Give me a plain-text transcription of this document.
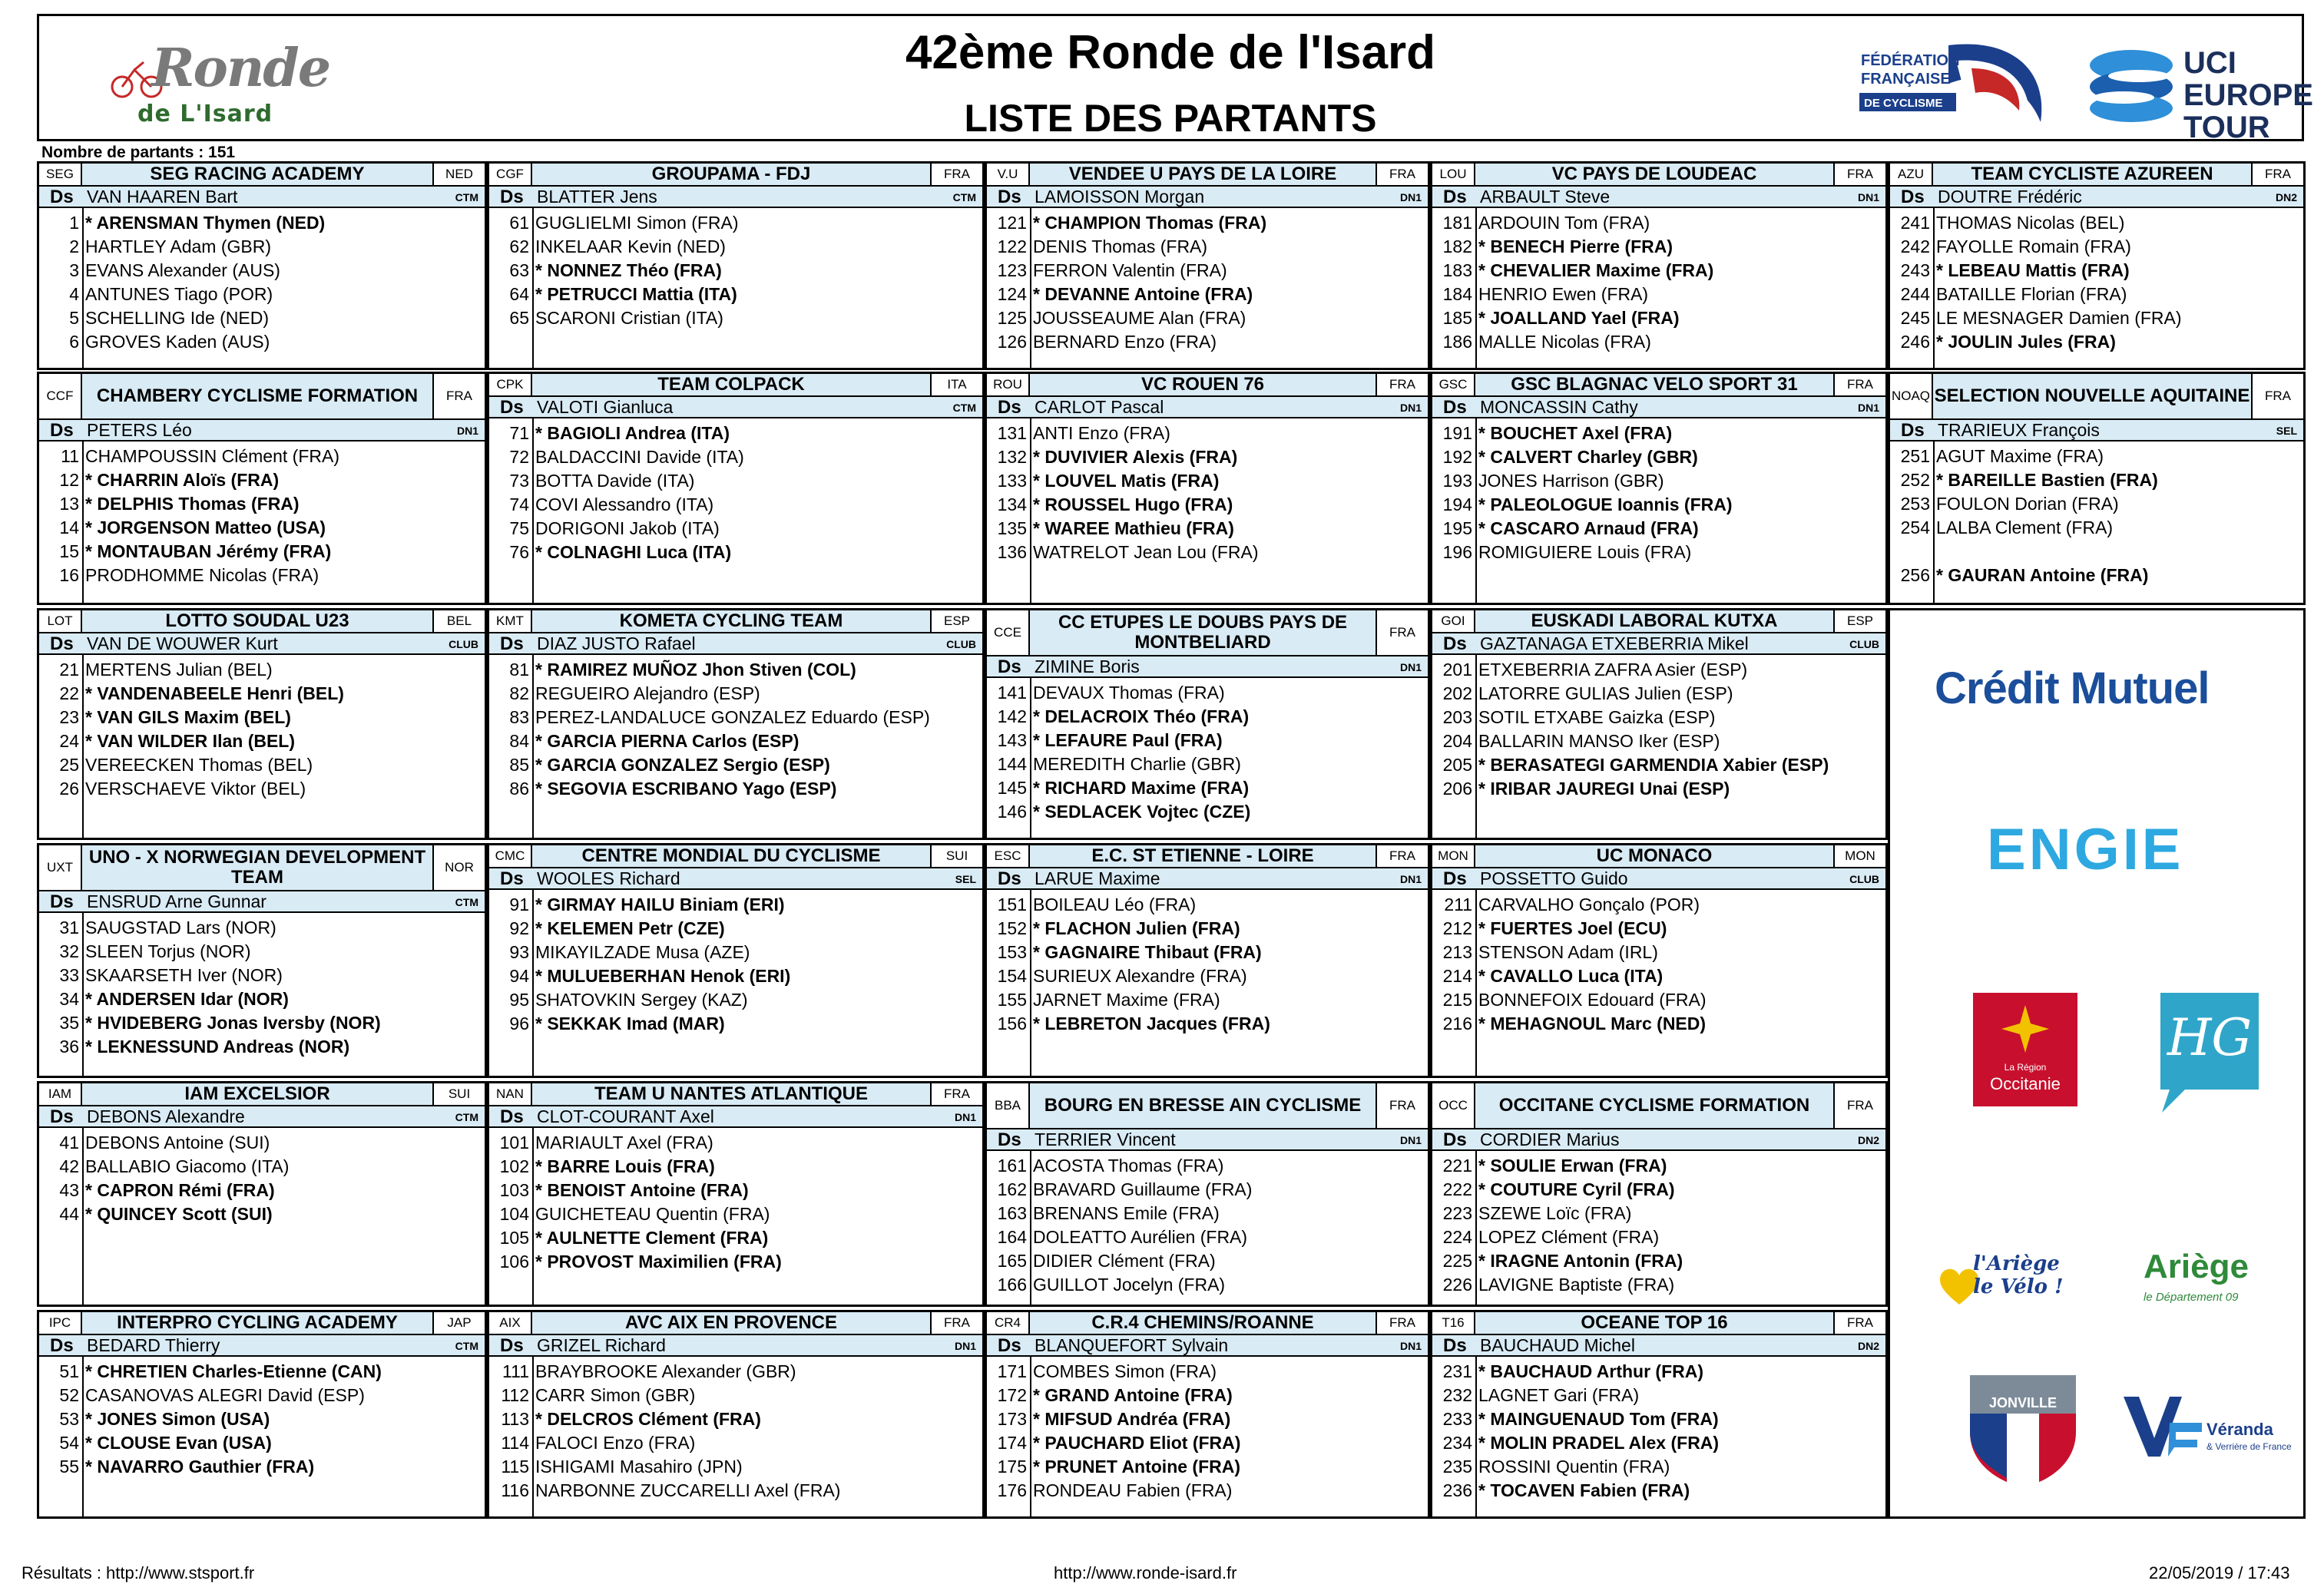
Ronde
de L'Isard
42ème Ronde de l'Isard
LISTE DES PARTANTS
FÉDÉRATION
FRANÇAISE
DE CYCLISME
UCI EUROPE TOUR
Nombre de partants : 151
SEG	SEG RACING ACADEMY	NED
Ds VAN HAAREN Bart	CTM
1 * ARENSMAN Thymen (NED)
2 HARTLEY Adam (GBR)
3 EVANS Alexander (AUS)
4 ANTUNES Tiago (POR)
5 SCHELLING Ide (NED)
6 GROVES Kaden (AUS)
CGF	GROUPAMA - FDJ	FRA
Ds BLATTER Jens	CTM
61 GUGLIELMI Simon (FRA)
62 INKELAAR Kevin (NED)
63 * NONNEZ Théo (FRA)
64 * PETRUCCI Mattia (ITA)
65 SCARONI Cristian (ITA)
V.U	VENDEE U PAYS DE LA LOIRE	FRA
Ds LAMOISSON Morgan	DN1
121 * CHAMPION Thomas (FRA)
122 DENIS Thomas (FRA)
123 FERRON Valentin (FRA)
124 * DEVANNE Antoine (FRA)
125 JOUSSEAUME Alan (FRA)
126 BERNARD Enzo (FRA)
LOU	VC PAYS DE LOUDEAC	FRA
Ds ARBAULT Steve	DN1
181 ARDOUIN Tom (FRA)
182 * BENECH Pierre (FRA)
183 * CHEVALIER Maxime (FRA)
184 HENRIO Ewen (FRA)
185 * JOALLAND Yael (FRA)
186 MALLE Nicolas (FRA)
AZU	TEAM CYCLISTE AZUREEN	FRA
Ds DOUTRE Frédéric	DN2
241 THOMAS Nicolas (BEL)
242 FAYOLLE Romain (FRA)
243 * LEBEAU Mattis (FRA)
244 BATAILLE Florian (FRA)
245 LE MESNAGER Damien (FRA)
246 * JOULIN Jules (FRA)
CCF	CHAMBERY CYCLISME FORMATION	FRA
Ds PETERS Léo	DN1
11 CHAMPOUSSIN Clément (FRA)
12 * CHARRIN Aloïs (FRA)
13 * DELPHIS Thomas (FRA)
14 * JORGENSON Matteo (USA)
15 * MONTAUBAN Jérémy (FRA)
16 PRODHOMME Nicolas (FRA)
CPK	TEAM COLPACK	ITA
Ds VALOTI Gianluca	CTM
71 * BAGIOLI Andrea (ITA)
72 BALDACCINI Davide (ITA)
73 BOTTA Davide (ITA)
74 COVI Alessandro (ITA)
75 DORIGONI Jakob (ITA)
76 * COLNAGHI Luca (ITA)
ROU	VC ROUEN 76	FRA
Ds CARLOT Pascal	DN1
131 ANTI Enzo (FRA)
132 * DUVIVIER Alexis (FRA)
133 * LOUVEL Matis (FRA)
134 * ROUSSEL Hugo (FRA)
135 * WAREE Mathieu (FRA)
136 WATRELOT Jean Lou (FRA)
GSC	GSC BLAGNAC VELO SPORT 31	FRA
Ds MONCASSIN Cathy	DN1
191 * BOUCHET Axel (FRA)
192 * CALVERT Charley (GBR)
193 JONES Harrison (GBR)
194 * PALEOLOGUE Ioannis (FRA)
195 * CASCARO Arnaud (FRA)
196 ROMIGUIERE Louis (FRA)
NOAQ SELECTION NOUVELLE AQUITAINE	FRA
Ds TRARIEUX François	SEL
251 AGUT Maxime (FRA)
252 * BAREILLE Bastien (FRA)
253 FOULON Dorian (FRA)
254 LALBA Clement (FRA)
256 * GAURAN Antoine (FRA)
LOT	LOTTO SOUDAL U23	BEL
Ds VAN DE WOUWER Kurt	CLUB
21 MERTENS Julian (BEL)
22 * VANDENABEELE Henri (BEL)
23 * VAN GILS Maxim (BEL)
24 * VAN WILDER Ilan (BEL)
25 VEREECKEN Thomas (BEL)
26 VERSCHAEVE Viktor (BEL)
KMT	KOMETA CYCLING TEAM	ESP
Ds DIAZ JUSTO Rafael	CLUB
81 * RAMIREZ MUÑOZ Jhon Stiven (COL)
82 REGUEIRO Alejandro (ESP)
83 PEREZ-LANDALUCE GONZALEZ Eduardo (ESP)
84 * GARCIA PIERNA Carlos (ESP)
85 * GARCIA GONZALEZ Sergio (ESP)
86 * SEGOVIA ESCRIBANO Yago (ESP)
CCE	CC ETUPES LE DOUBS PAYS DE MONTBELIARD	FRA
Ds ZIMINE Boris	DN1
141 DEVAUX Thomas (FRA)
142 * DELACROIX Théo (FRA)
143 * LEFAURE Paul (FRA)
144 MEREDITH Charlie (GBR)
145 * RICHARD Maxime (FRA)
146 * SEDLACEK Vojtec (CZE)
GOI	EUSKADI LABORAL KUTXA	ESP
Ds GAZTANAGA ETXEBERRIA Mikel	CLUB
201 ETXEBERRIA ZAFRA Asier (ESP)
202 LATORRE GULIAS Julien (ESP)
203 SOTIL ETXABE Gaizka (ESP)
204 BALLARIN MANSO Iker (ESP)
205 * BERASATEGI GARMENDIA Xabier (ESP)
206 * IRIBAR JAUREGI Unai (ESP)
UXT UNO - X NORWEGIAN DEVELOPMENT TEAM	NOR
Ds ENSRUD Arne Gunnar	CTM
31 SAUGSTAD Lars (NOR)
32 SLEEN Torjus (NOR)
33 SKAARSETH Iver (NOR)
34 * ANDERSEN Idar (NOR)
35 * HVIDEBERG Jonas Iversby (NOR)
36 * LEKNESSUND Andreas (NOR)
CMC	CENTRE MONDIAL DU CYCLISME	SUI
Ds WOOLES Richard	SEL
91 * GIRMAY HAILU Biniam (ERI)
92 * KELEMEN Petr (CZE)
93 MIKAYILZADE Musa (AZE)
94 * MULUEBERHAN Henok (ERI)
95 SHATOVKIN Sergey (KAZ)
96 * SEKKAK Imad (MAR)
ESC	E.C. ST ETIENNE - LOIRE	FRA
Ds LARUE Maxime	DN1
151 BOILEAU Léo (FRA)
152 * FLACHON Julien (FRA)
153 * GAGNAIRE Thibaut (FRA)
154 SURIEUX Alexandre (FRA)
155 JARNET Maxime (FRA)
156 * LEBRETON Jacques (FRA)
MON	UC MONACO	MON
Ds POSSETTO Guido	CLUB
211 CARVALHO Gonçalo (POR)
212 * FUERTES Joel (ECU)
213 STENSON Adam (IRL)
214 * CAVALLO Luca (ITA)
215 BONNEFOIX Edouard (FRA)
216 * MEHAGNOUL Marc (NED)
IAM	IAM EXCELSIOR	SUI
Ds DEBONS Alexandre	CTM
41 DEBONS Antoine (SUI)
42 BALLABIO Giacomo (ITA)
43 * CAPRON Rémi (FRA)
44 * QUINCEY Scott (SUI)
NAN	TEAM U NANTES ATLANTIQUE	FRA
Ds CLOT-COURANT Axel	DN1
101 MARIAULT Axel (FRA)
102 * BARRE Louis (FRA)
103 * BENOIST Antoine (FRA)
104 GUICHETEAU Quentin (FRA)
105 * AULNETTE Clement (FRA)
106 * PROVOST Maximilien (FRA)
BBA	BOURG EN BRESSE AIN CYCLISME	FRA
Ds TERRIER Vincent	DN1
161 ACOSTA Thomas (FRA)
162 BRAVARD Guillaume (FRA)
163 BRENANS Emile (FRA)
164 DOLEATTO Aurélien (FRA)
165 DIDIER Clément (FRA)
166 GUILLOT Jocelyn (FRA)
OCC	OCCITANE CYCLISME FORMATION	FRA
Ds CORDIER Marius	DN2
221 * SOULIE Erwan (FRA)
222 * COUTURE Cyril (FRA)
223 SZEWE Loïc (FRA)
224 LOPEZ Clément (FRA)
225 * IRAGNE Antonin (FRA)
226 LAVIGNE Baptiste (FRA)
IPC	INTERPRO CYCLING ACADEMY	JAP
Ds BEDARD Thierry	CTM
51 * CHRETIEN Charles-Etienne (CAN)
52 CASANOVAS ALEGRI David (ESP)
53 * JONES Simon (USA)
54 * CLOUSE Evan (USA)
55 * NAVARRO Gauthier (FRA)
AIX	AVC AIX EN PROVENCE	FRA
Ds GRIZEL Richard	DN1
111 BRAYBROOKE Alexander (GBR)
112 CARR Simon (GBR)
113 * DELCROS Clément (FRA)
114 FALOCI Enzo (FRA)
115 ISHIGAMI Masahiro (JPN)
116 NARBONNE ZUCCARELLI Axel (FRA)
CR4	C.R.4 CHEMINS/ROANNE	FRA
Ds BLANQUEFORT Sylvain	DN1
171 COMBES Simon (FRA)
172 * GRAND Antoine (FRA)
173 * MIFSUD Andréa (FRA)
174 * PAUCHARD Eliot (FRA)
175 * PRUNET Antoine (FRA)
176 RONDEAU Fabien (FRA)
T16	OCEANE TOP 16	FRA
Ds BAUCHAUD Michel	DN2
231 * BAUCHAUD Arthur (FRA)
232 LAGNET Gari (FRA)
233 * MAINGUENAUD Tom (FRA)
234 * MOLIN PRADEL Alex (FRA)
235 ROSSINI Quentin (FRA)
236 * TOCAVEN Fabien (FRA)
Crédit Mutuel
ENGIE
La Région
Occitanie
HG
l'Ariège le Vélo !
Ariège
le Département 09
JONVILLE
Véranda
& Verrière de France
Résultats : http://www.stsport.fr	http://www.ronde-isard.fr	22/05/2019 / 17:43
